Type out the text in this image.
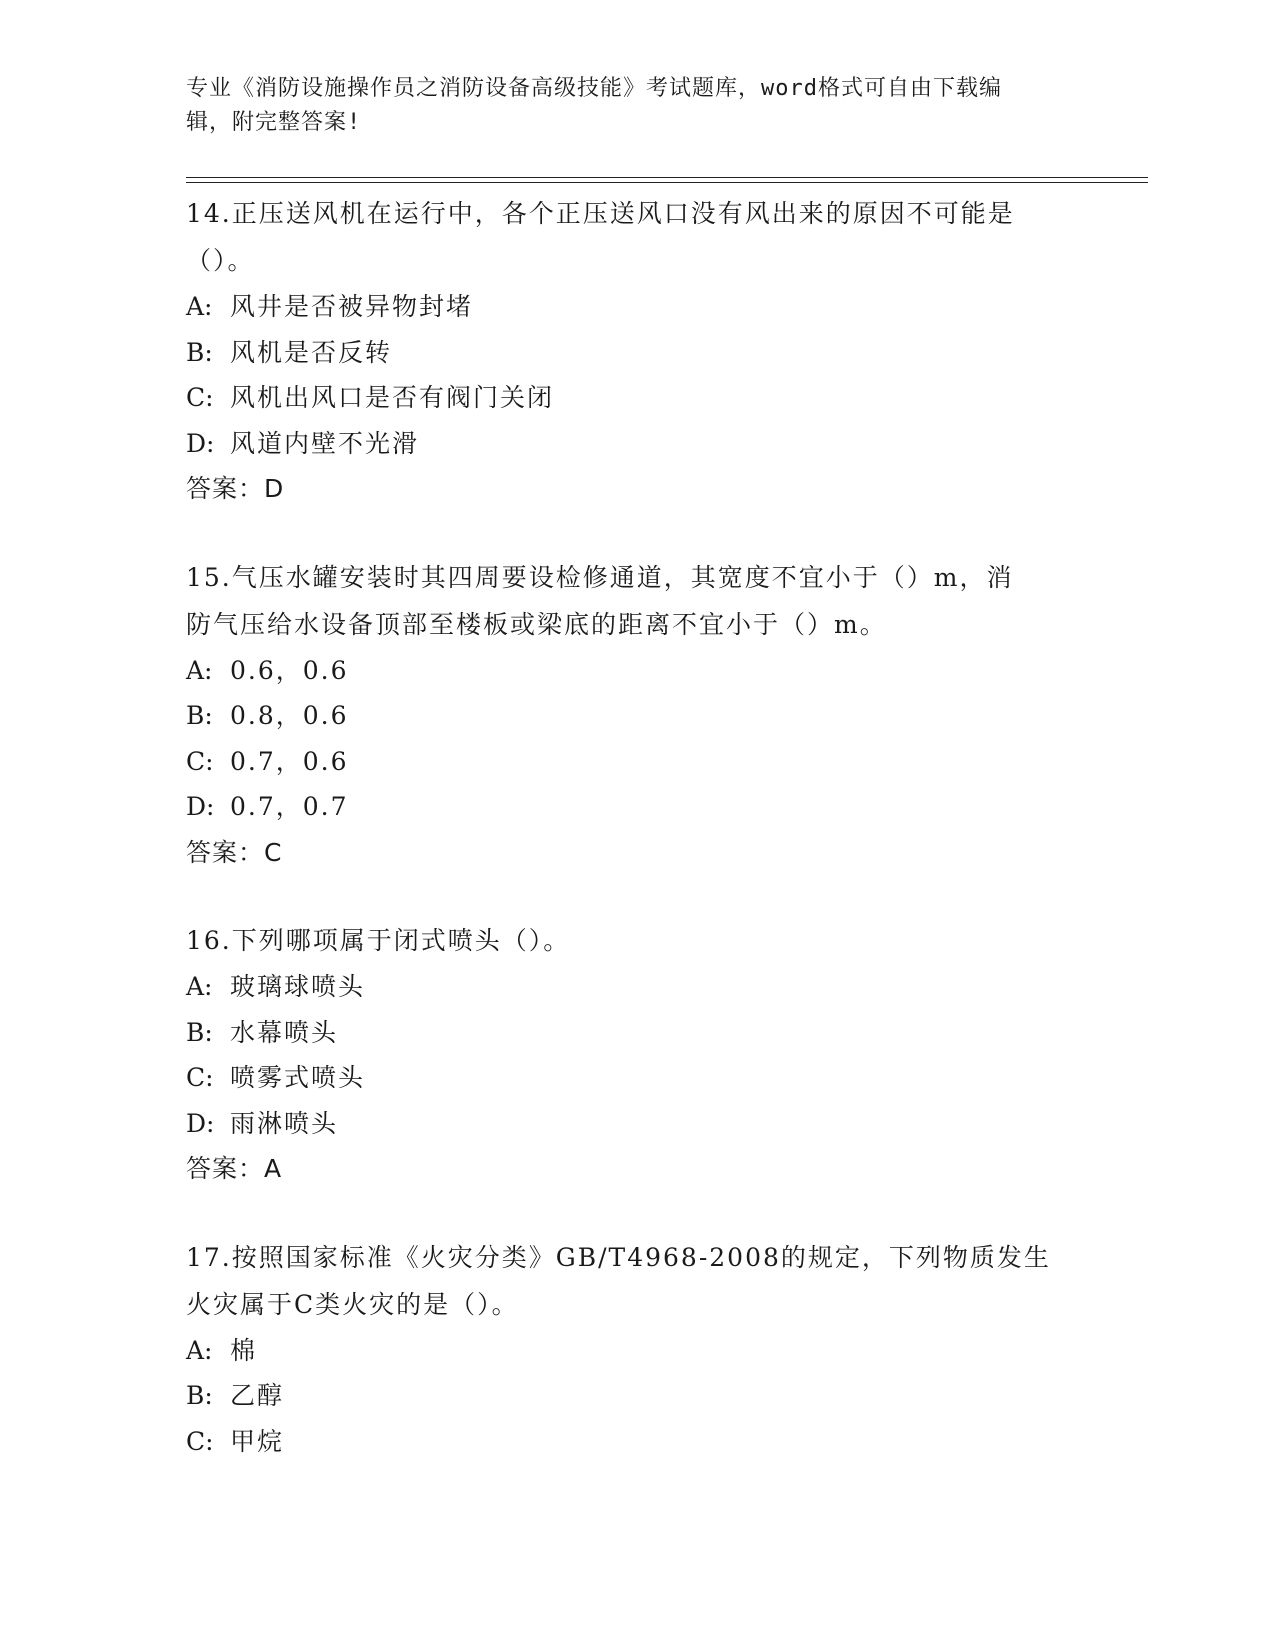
专业《消防设施操作员之消防设备高级技能》考试题库，word格式可自由下载编
辑，附完整答案!
14.正压送风机在运行中，各个正压送风口没有风出来的原因不可能是
（）。
A: 风井是否被异物封堵
B: 风机是否反转
C: 风机出风口是否有阀门关闭
D: 风道内壁不光滑
答案：D
15.气压水罐安装时其四周要设检修通道，其宽度不宜小于（）m，消
防气压给水设备顶部至楼板或梁底的距离不宜小于（）m。
A: 0.6，0.6
B: 0.8，0.6
C: 0.7，0.6
D: 0.7，0.7
答案：C
16.下列哪项属于闭式喷头（）。
A: 玻璃球喷头
B: 水幕喷头
C: 喷雾式喷头
D: 雨淋喷头
答案：A
17.按照国家标准《火灾分类》GB/T4968-2008的规定，下列物质发生
火灾属于C类火灾的是（）。
A: 棉
B: 乙醇
C: 甲烷
